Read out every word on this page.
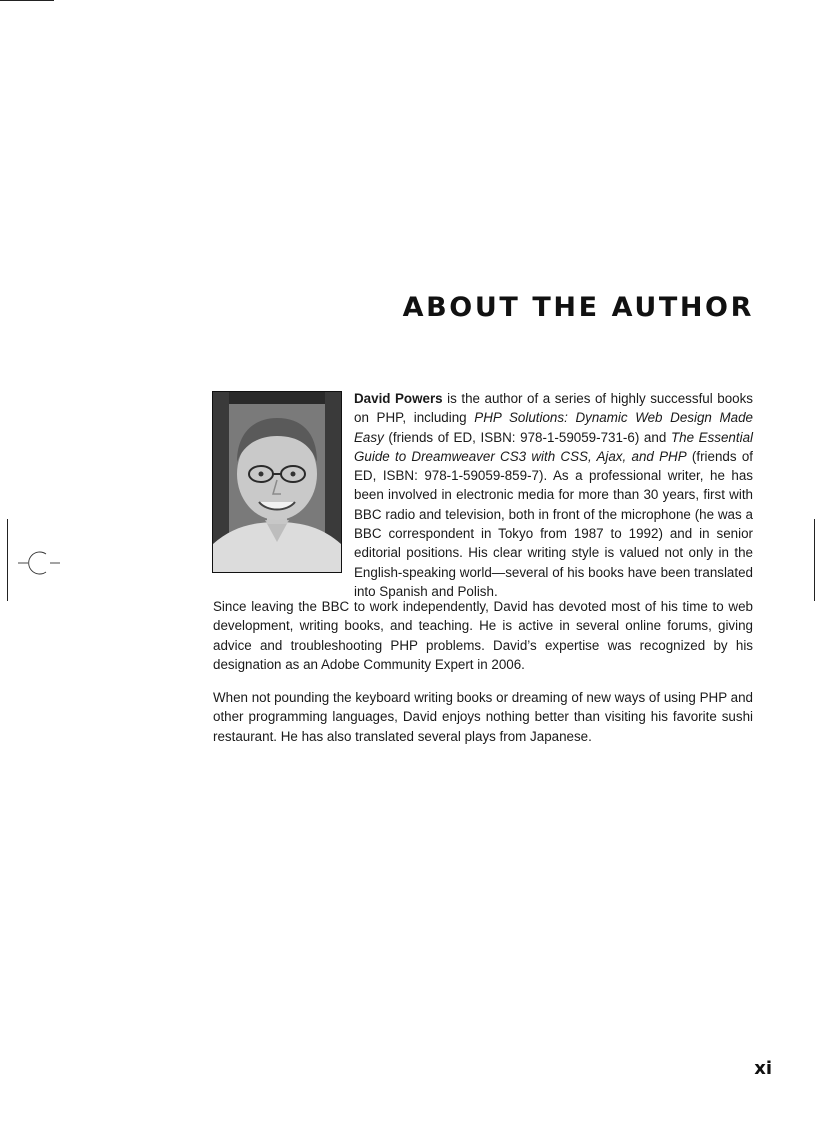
ABOUT THE AUTHOR

David Powers is the author of a series of highly successful books on PHP, including PHP Solutions: Dynamic Web Design Made Easy (friends of ED, ISBN: 978-1-59059-731-6) and The Essential Guide to Dreamweaver CS3 with CSS, Ajax, and PHP (friends of ED, ISBN: 978-1-59059-859-7). As a professional writer, he has been involved in electronic media for more than 30 years, first with BBC radio and television, both in front of the microphone (he was a BBC correspondent in Tokyo from 1987 to 1992) and in senior editorial positions. His clear writing style is valued not only in the English-speaking world—several of his books have been translated into Spanish and Polish.

Since leaving the BBC to work independently, David has devoted most of his time to web development, writing books, and teaching. He is active in several online forums, giving advice and troubleshooting PHP problems. David’s expertise was recognized by his designation as an Adobe Community Expert in 2006.

When not pounding the keyboard writing books or dreaming of new ways of using PHP and other programming languages, David enjoys nothing better than visiting his favorite sushi restaurant. He has also translated several plays from Japanese.

xi
